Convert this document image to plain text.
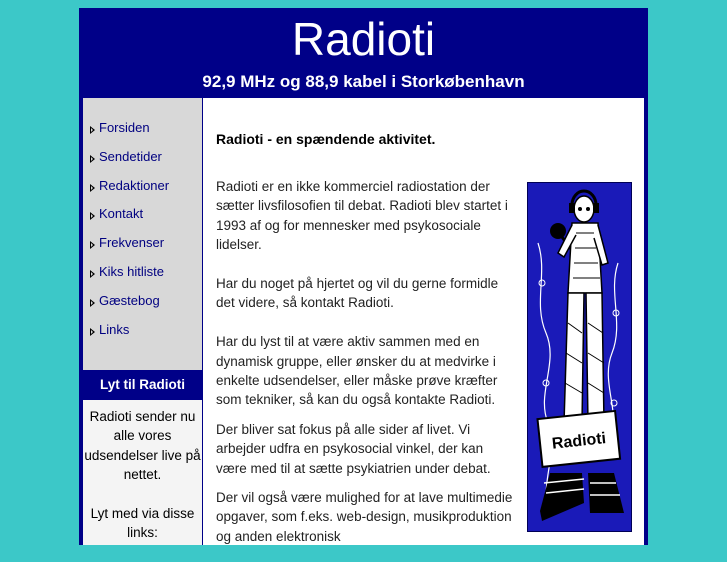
Radioti
92,9 MHz og 88,9 kabel i Storkøbenhavn
Forsiden
Sendetider
Redaktioner
Kontakt
Frekvenser
Kiks hitliste
Gæstebog
Links
Lyt til Radioti

Radioti sender nu alle vores udsendelser live på nettet.

Lyt med via disse links:

Radioti - en spændende aktivitet.

Radioti er en ikke kommerciel radiostation der sætter livsfilosofien til debat. Radioti blev startet i 1993 af og for mennesker med psykosociale lidelser.

Har du noget på hjertet og vil du gerne formidle det videre, så kontakt Radioti.

Har du lyst til at være aktiv sammen med en dynamisk gruppe, eller ønsker du at medvirke i enkelte udsendelser, eller måske prøve kræfter som tekniker, så kan du også kontakte Radioti.

Der bliver sat fokus på alle sider af livet. Vi arbejder udfra en psykosocial vinkel, der kan være med til at sætte psykiatrien under debat.

Der vil også være mulighed for at lave multimedie opgaver, som f.eks. web-design, musikproduktion og anden elektronisk

Radioti
